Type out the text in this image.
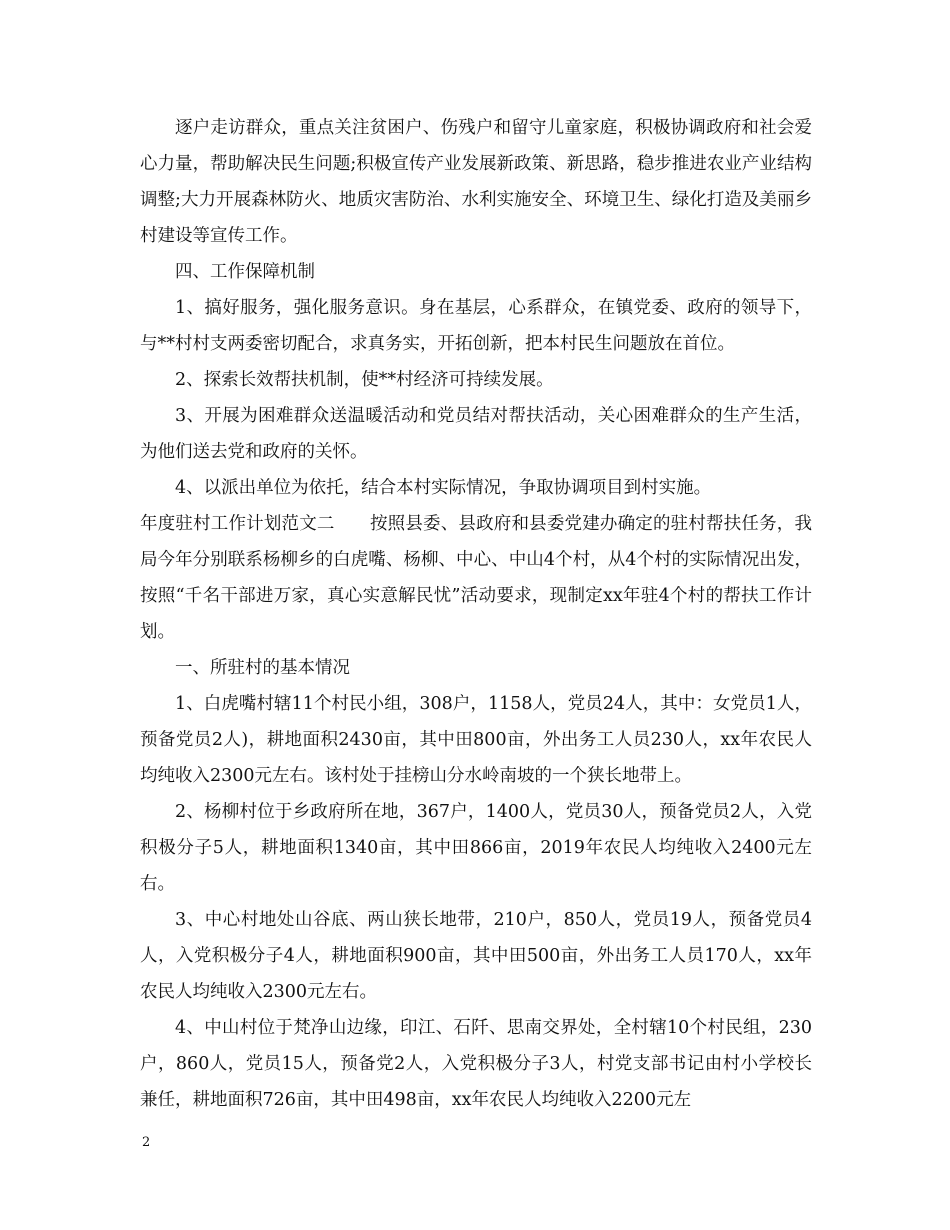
逐户走访群众，重点关注贫困户、伤残户和留守儿童家庭，积极协调政府和社会爱心力量，帮助解决民生问题;积极宣传产业发展新政策、新思路，稳步推进农业产业结构调整;大力开展森林防火、地质灾害防治、水利实施安全、环境卫生、绿化打造及美丽乡村建设等宣传工作。

四、工作保障机制

1、搞好服务，强化服务意识。身在基层，心系群众，在镇党委、政府的领导下，与**村村支两委密切配合，求真务实，开拓创新，把本村民生问题放在首位。

2、探索长效帮扶机制，使**村经济可持续发展。

3、开展为困难群众送温暖活动和党员结对帮扶活动，关心困难群众的生产生活，为他们送去党和政府的关怀。

4、以派出单位为依托，结合本村实际情况，争取协调项目到村实施。

年度驻村工作计划范文二　　按照县委、县政府和县委党建办确定的驻村帮扶任务，我局今年分别联系杨柳乡的白虎嘴、杨柳、中心、中山4个村，从4个村的实际情况出发，按照“千名干部进万家，真心实意解民忧”活动要求，现制定xx年驻4个村的帮扶工作计划。

一、所驻村的基本情况

1、白虎嘴村辖11个村民小组，308户，1158人，党员24人，其中：女党员1人，预备党员2人)，耕地面积2430亩，其中田800亩，外出务工人员230人，xx年农民人均纯收入2300元左右。该村处于挂榜山分水岭南坡的一个狭长地带上。

2、杨柳村位于乡政府所在地，367户，1400人，党员30人，预备党员2人，入党积极分子5人，耕地面积1340亩，其中田866亩，2019年农民人均纯收入2400元左右。

3、中心村地处山谷底、两山狭长地带，210户，850人，党员19人，预备党员4人，入党积极分子4人，耕地面积900亩，其中田500亩，外出务工人员170人，xx年农民人均纯收入2300元左右。

4、中山村位于梵净山边缘，印江、石阡、思南交界处，全村辖10个村民组，230户，860人，党员15人，预备党2人，入党积极分子3人，村党支部书记由村小学校长兼任，耕地面积726亩，其中田498亩，xx年农民人均纯收入2200元左

2
